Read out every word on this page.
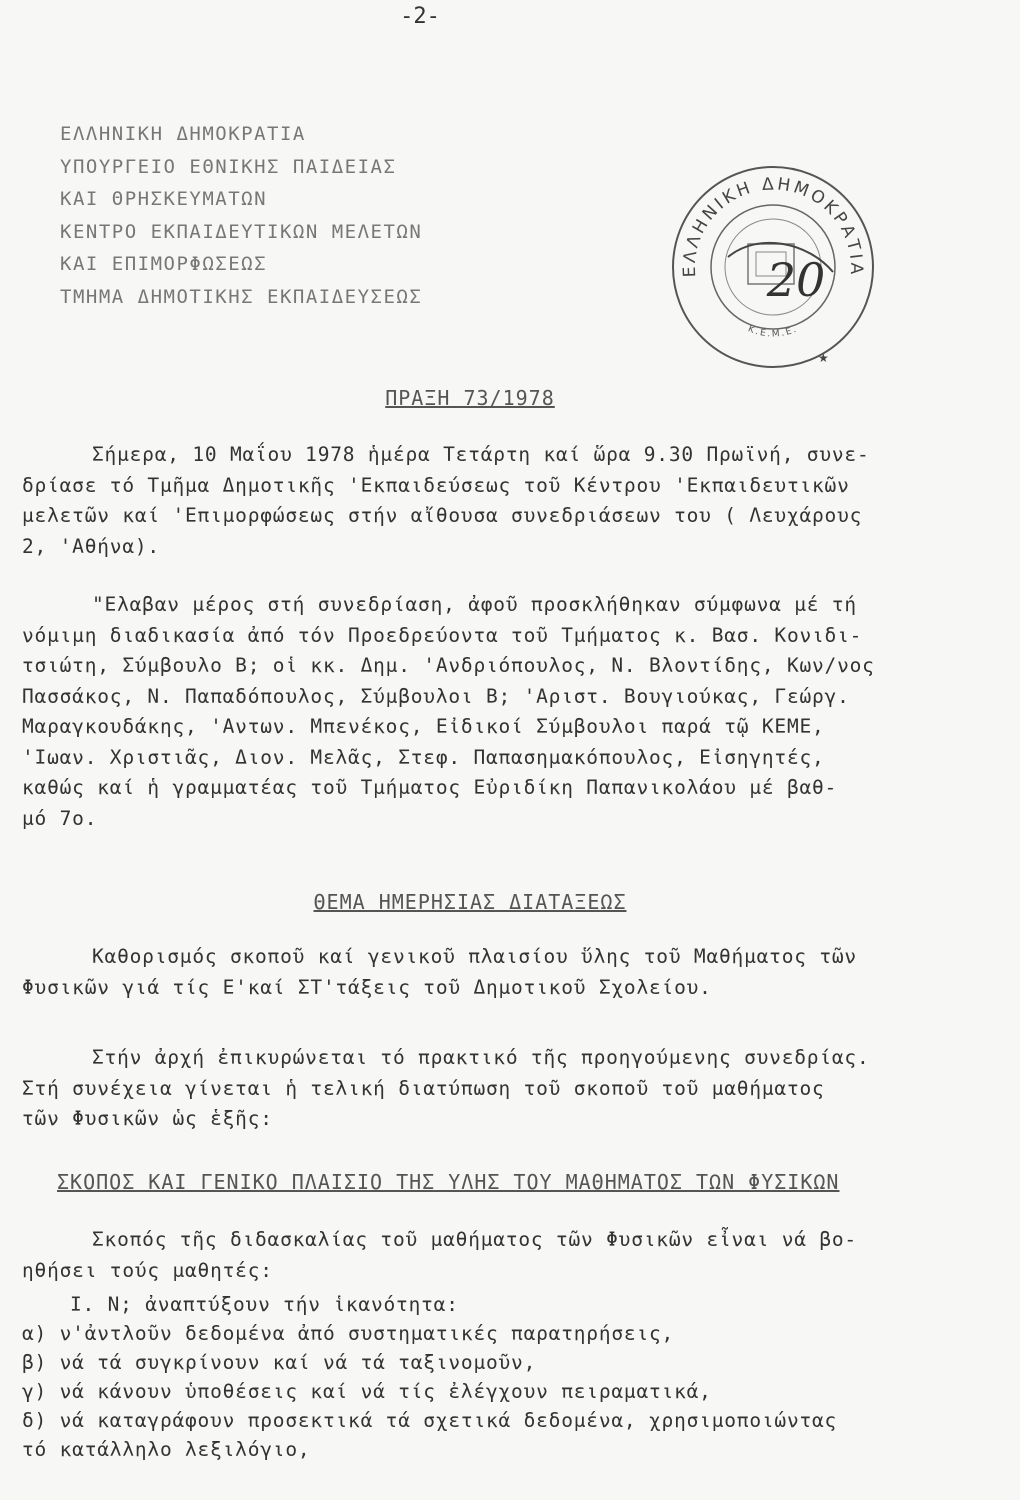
-2-
ΕΛΛΗΝΙΚΗ ΔΗΜΟΚΡΑΤΙΑ
ΥΠΟΥΡΓΕΙΟ ΕΘΝΙΚΗΣ ΠΑΙΔΕΙΑΣ
ΚΑΙ ΘΡΗΣΚΕΥΜΑΤΩΝ
ΚΕΝΤΡΟ ΕΚΠΑΙΔΕΥΤΙΚΩΝ ΜΕΛΕΤΩΝ
ΚΑΙ ΕΠΙΜΟΡΦΩΣΕΩΣ
ΤΜΗΜΑ ΔΗΜΟΤΙΚΗΣ ΕΚΠΑΙΔΕΥΣΕΩΣ
ΕΛΛΗΝΙΚΗ ΔΗΜΟΚΡΑΤΙΑ
Κ.Ε.Μ.Ε.
20
★
ΠΡΑΞΗ 73/1978
Σήμερα, 10 Μαΐου 1978 ἡμέρα Τετάρτη καί ὥρα 9.30 Πρωϊνή, συνε-
δρίασε τό Τμῆμα Δημοτικῆς 'Εκπαιδεύσεως τοῦ Κέντρου 'Εκπαιδευτικῶν
μελετῶν καί 'Επιμορφώσεως στήν αἴθουσα συνεδριάσεων του ( Λευχάρους
2, 'Αθήνα).
"Ελαβαν μέρος στή συνεδρίαση, ἀφοῦ προσκλήθηκαν σύμφωνα μέ τή
νόμιμη διαδικασία ἀπό τόν Προεδρεύοντα τοῦ Τμήματος κ. Βασ. Κονιδι-
τσιώτη, Σύμβουλο Β; οἱ κκ. Δημ. 'Ανδριόπουλος, Ν. Βλοντίδης, Κων/νος
Πασσάκος, Ν. Παπαδόπουλος, Σύμβουλοι Β; 'Αριστ. Βουγιούκας, Γεώργ.
Μαραγκουδάκης, 'Αντων. Μπενέκος, Εἰδικοί Σύμβουλοι παρά τῷ ΚΕΜΕ,
'Ιωαν. Χριστιᾶς, Διον. Μελᾶς, Στεφ. Παπασημακόπουλος, Εἰσηγητές,
καθώς καί ἡ γραμματέας τοῦ Τμήματος Εὐριδίκη Παπανικολάου μέ βαθ-
μό 7ο.
ΘΕΜΑ ΗΜΕΡΗΣΙΑΣ ΔΙΑΤΑΞΕΩΣ
Καθορισμός σκοποῦ καί γενικοῦ πλαισίου ὕλης τοῦ Μαθήματος τῶν
Φυσικῶν γιά τίς Ε'καί ΣΤ'τάξεις τοῦ Δημοτικοῦ Σχολείου.
Στήν ἀρχή ἐπικυρώνεται τό πρακτικό τῆς προηγούμενης συνεδρίας.
Στή συνέχεια γίνεται ἡ τελική διατύπωση τοῦ σκοποῦ τοῦ μαθήματος
τῶν Φυσικῶν ὡς ἑξῆς:
ΣΚΟΠΟΣ ΚΑΙ ΓΕΝΙΚΟ ΠΛΑΙΣΙΟ ΤΗΣ ΥΛΗΣ ΤΟΥ ΜΑΘΗΜΑΤΟΣ ΤΩΝ ΦΥΣΙΚΩΝ
Σκοπός τῆς διδασκαλίας τοῦ μαθήματος τῶν Φυσικῶν εἶναι νά βο-
ηθήσει τούς μαθητές:
Ι. Ν; ἀναπτύξουν τήν ἱκανότητα:
α) ν'ἀντλοῦν δεδομένα ἀπό συστηματικές παρατηρήσεις,
β) νά τά συγκρίνουν καί νά τά ταξινομοῦν,
γ) νά κάνουν ὑποθέσεις καί νά τίς ἐλέγχουν πειραματικά,
δ) νά καταγράφουν προσεκτικά τά σχετικά δεδομένα, χρησιμοποιώντας
τό κατάλληλο λεξιλόγιο,
